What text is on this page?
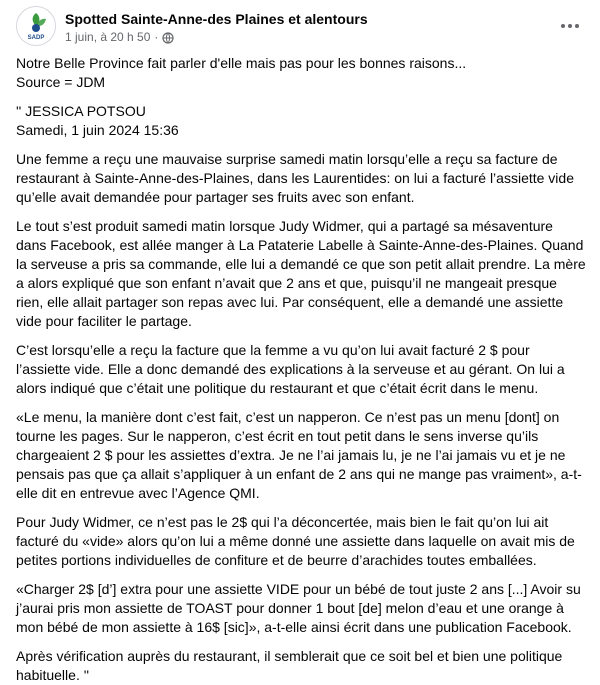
SADP
Spotted Sainte-Anne-des Plaines et alentours
1 juin, à 20 h 50 ·

Notre Belle Province fait parler d'elle mais pas pour les bonnes raisons...
Source = JDM

'' JESSICA POTSOU
Samedi, 1 juin 2024 15:36

Une femme a reçu une mauvaise surprise samedi matin lorsqu’elle a reçu sa facture de restaurant à Sainte-Anne-des-Plaines, dans les Laurentides: on lui a facturé l’assiette vide qu’elle avait demandée pour partager ses fruits avec son enfant.

Le tout s’est produit samedi matin lorsque Judy Widmer, qui a partagé sa mésaventure dans Facebook, est allée manger à La Pataterie Labelle à Sainte-Anne-des-Plaines. Quand la serveuse a pris sa commande, elle lui a demandé ce que son petit allait prendre. La mère a alors expliqué que son enfant n’avait que 2 ans et que, puisqu’il ne mangeait presque rien, elle allait partager son repas avec lui. Par conséquent, elle a demandé une assiette vide pour faciliter le partage.

C’est lorsqu’elle a reçu la facture que la femme a vu qu’on lui avait facturé 2 $ pour l’assiette vide. Elle a donc demandé des explications à la serveuse et au gérant. On lui a alors indiqué que c’était une politique du restaurant et que c’était écrit dans le menu.

«Le menu, la manière dont c’est fait, c’est un napperon. Ce n’est pas un menu [dont] on tourne les pages. Sur le napperon, c’est écrit en tout petit dans le sens inverse qu’ils chargeaient 2 $ pour les assiettes d’extra. Je ne l’ai jamais lu, je ne l’ai jamais vu et je ne pensais pas que ça allait s’appliquer à un enfant de 2 ans qui ne mange pas vraiment», a-t-elle dit en entrevue avec l’Agence QMI.

Pour Judy Widmer, ce n’est pas le 2$ qui l’a déconcertée, mais bien le fait qu’on lui ait facturé du «vide» alors qu’on lui a même donné une assiette dans laquelle on avait mis de petites portions individuelles de confiture et de beurre d’arachides toutes emballées.

«Charger 2$ [d’] extra pour une assiette VIDE pour un bébé de tout juste 2 ans [...] Avoir su j’aurai pris mon assiette de TOAST pour donner 1 bout [de] melon d’eau et une orange à mon bébé de mon assiette à 16$ [sic]», a-t-elle ainsi écrit dans une publication Facebook.

Après vérification auprès du restaurant, il semblerait que ce soit bel et bien une politique habituelle. ''
